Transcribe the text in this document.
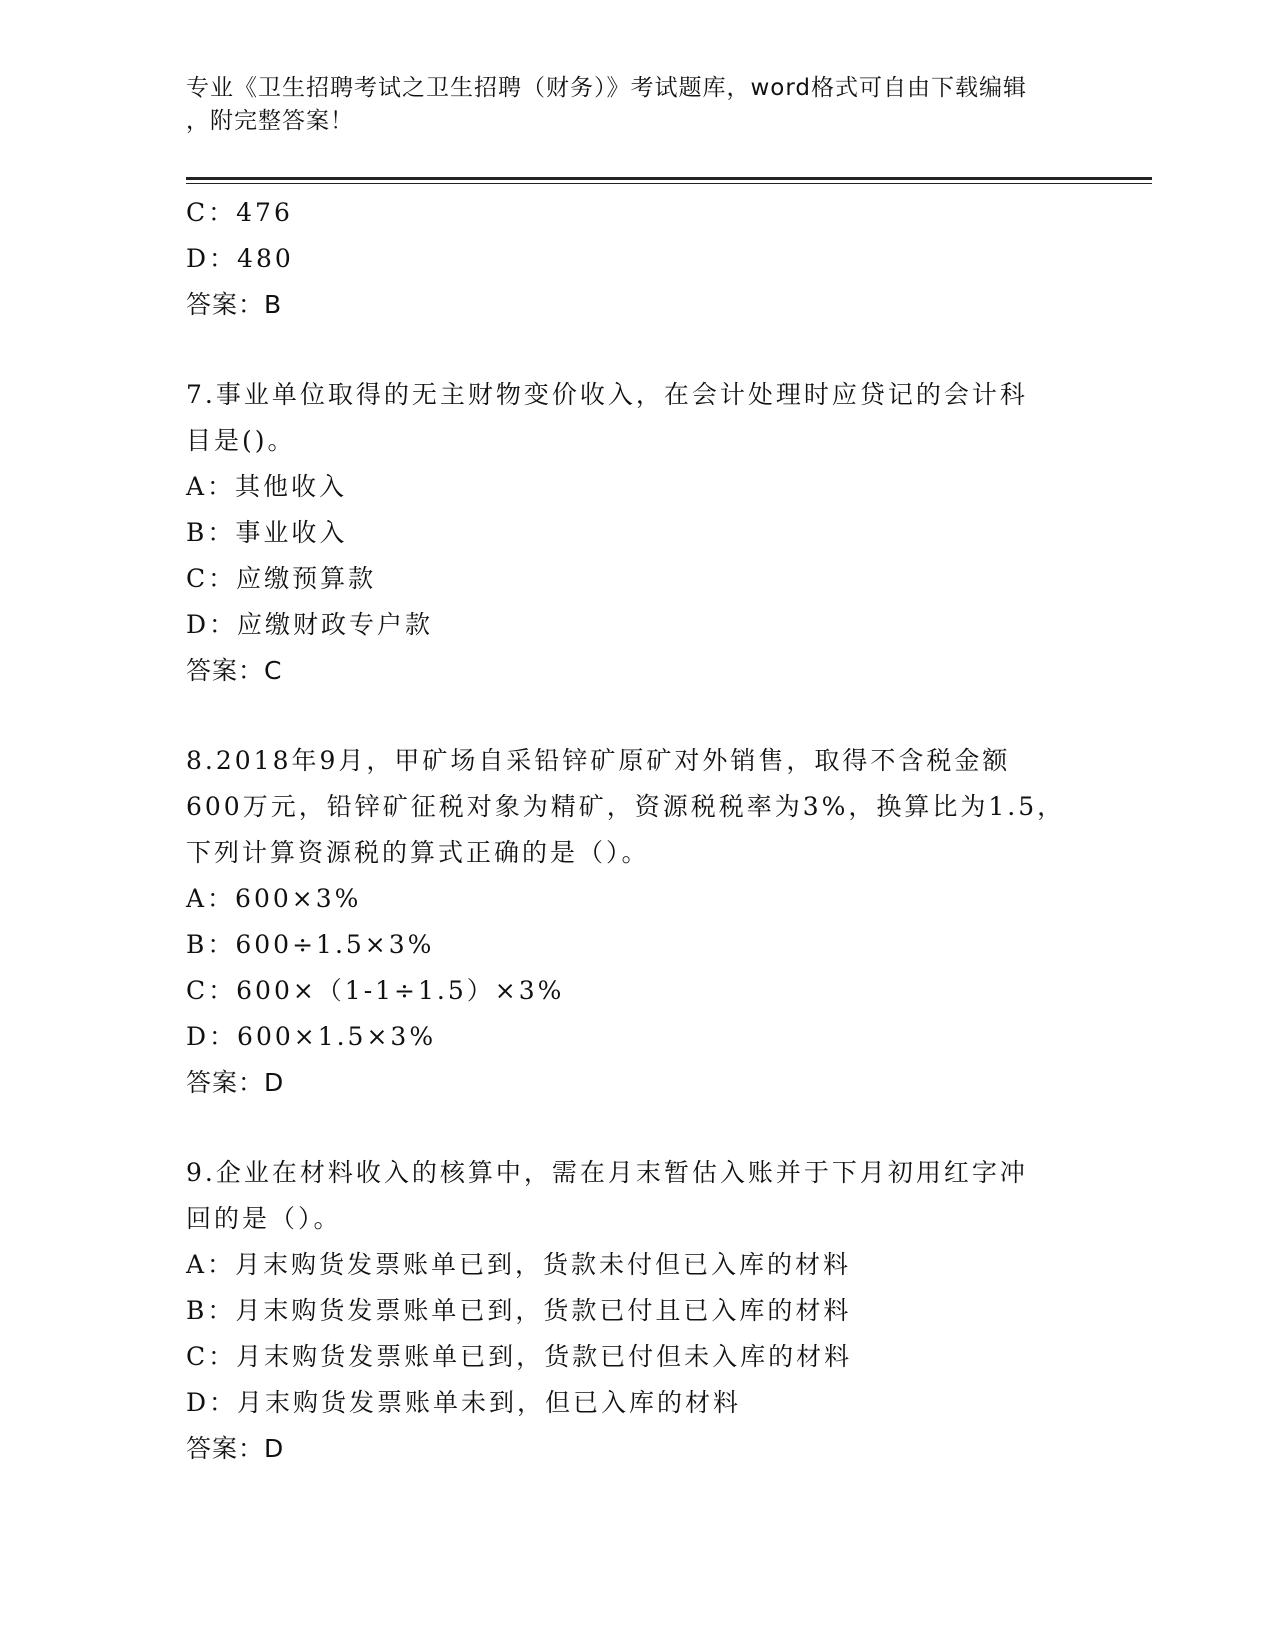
专业《卫生招聘考试之卫生招聘（财务）》考试题库，word格式可自由下载编辑
，附完整答案！
C：476
D：480
答案：B
7.事业单位取得的无主财物变价收入，在会计处理时应贷记的会计科
目是()。
A：其他收入
B：事业收入
C：应缴预算款
D：应缴财政专户款
答案：C
8.2018年9月，甲矿场自采铅锌矿原矿对外销售，取得不含税金额
600万元，铅锌矿征税对象为精矿，资源税税率为3%，换算比为1.5，
下列计算资源税的算式正确的是（）。
A：600×3%
B：600÷1.5×3%
C：600×（1-1÷1.5）×3%
D：600×1.5×3%
答案：D
9.企业在材料收入的核算中，需在月末暂估入账并于下月初用红字冲
回的是（）。
A：月末购货发票账单已到，货款未付但已入库的材料
B：月末购货发票账单已到，货款已付且已入库的材料
C：月末购货发票账单已到，货款已付但未入库的材料
D：月末购货发票账单未到，但已入库的材料
答案：D
